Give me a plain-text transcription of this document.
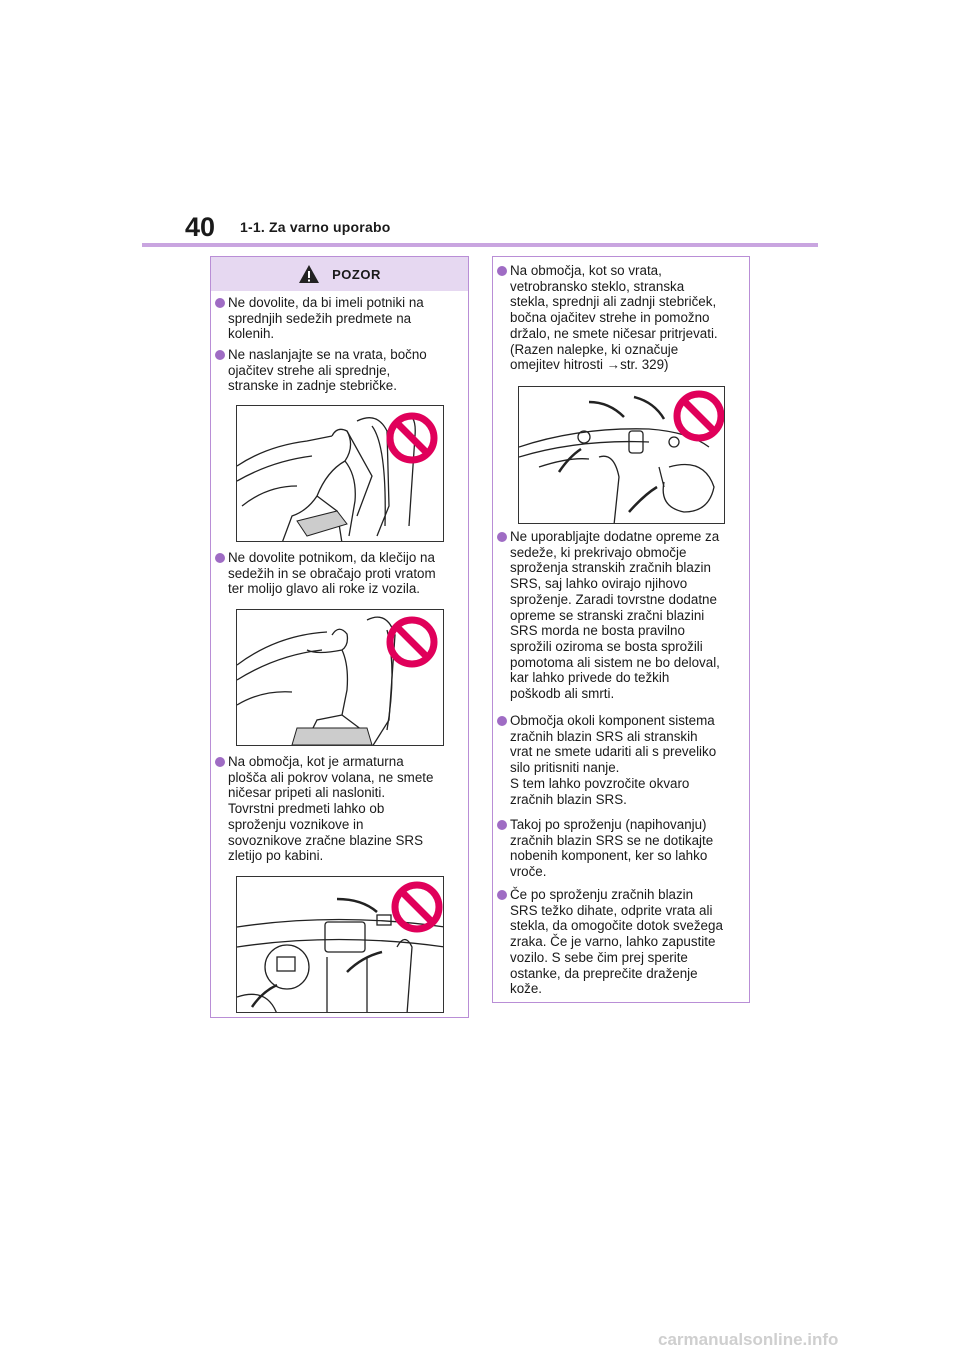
40 1-1. Za varno uporabo
POZOR
Ne dovolite, da bi imeli potniki na
sprednjih sedežih predmete na
kolenih.
Ne naslanjajte se na vrata, bočno
ojačitev strehe ali sprednje,
stranske in zadnje stebričke.
Ne dovolite potnikom, da klečijo na
sedežih in se obračajo proti vratom
ter molijo glavo ali roke iz vozila.
Na območja, kot je armaturna
plošča ali pokrov volana, ne smete
ničesar pripeti ali nasloniti.
Tovrstni predmeti lahko ob
sproženju voznikove in
sovoznikove zračne blazine SRS
zletijo po kabini.
Na območja, kot so vrata,
vetrobransko steklo, stranska
stekla, sprednji ali zadnji stebriček,
bočna ojačitev strehe in pomožno
držalo, ne smete ničesar pritrjevati.
(Razen nalepke, ki označuje
omejitev hitrosti →str. 329)
Ne uporabljajte dodatne opreme za
sedeže, ki prekrivajo območje
sproženja stranskih zračnih blazin
SRS, saj lahko ovirajo njihovo
sproženje. Zaradi tovrstne dodatne
opreme se stranski zračni blazini
SRS morda ne bosta pravilno
sprožili oziroma se bosta sprožili
pomotoma ali sistem ne bo deloval,
kar lahko privede do težkih
poškodb ali smrti.
Območja okoli komponent sistema
zračnih blazin SRS ali stranskih
vrat ne smete udariti ali s preveliko
silo pritisniti nanje.
S tem lahko povzročite okvaro
zračnih blazin SRS.
Takoj po sproženju (napihovanju)
zračnih blazin SRS se ne dotikajte
nobenih komponent, ker so lahko
vroče.
Če po sproženju zračnih blazin
SRS težko dihate, odprite vrata ali
stekla, da omogočite dotok svežega
zraka. Če je varno, lahko zapustite
vozilo. S sebe čim prej sperite
ostanke, da preprečite draženje
kože.
carmanualsonline.info
